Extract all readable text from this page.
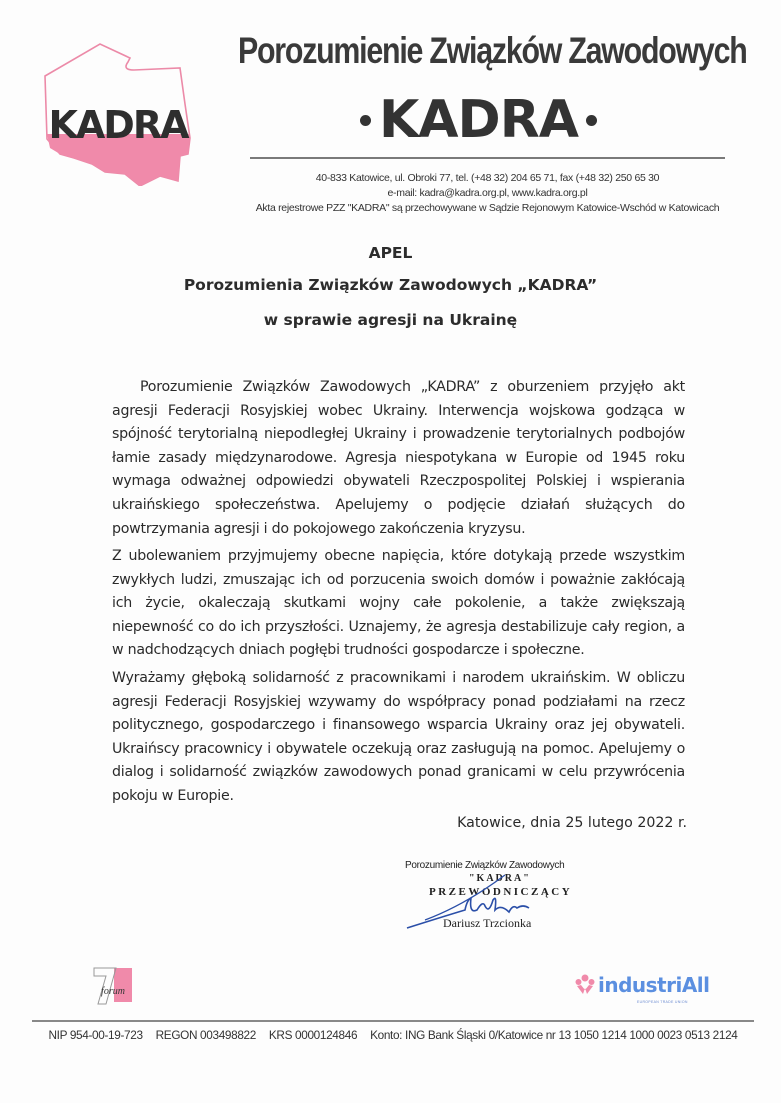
KADRA
Porozumienie Związków Zawodowych
KADRA
40-833 Katowice, ul. Obroki 77, tel. (+48 32) 204 65 71, fax (+48 32) 250 65 30
e-mail: kadra@kadra.org.pl, www.kadra.org.pl
Akta rejestrowe PZZ "KADRA" są przechowywane w Sądzie Rejonowym Katowice-Wschód w Katowicach
APEL
Porozumienia Związków Zawodowych „KADRA”
w sprawie agresji na Ukrainę
Porozumienie Związków Zawodowych „KADRA” z oburzeniem przyjęło akt agresji Federacji Rosyjskiej wobec Ukrainy. Interwencja wojskowa godząca w spójność terytorialną niepodległej Ukrainy i prowadzenie terytorialnych podbojów łamie zasady międzynarodowe. Agresja niespotykana w Europie od 1945 roku wymaga odważnej odpowiedzi obywateli Rzeczpospolitej Polskiej i wspierania ukraińskiego społeczeństwa. Apelujemy o podjęcie działań służących do powtrzymania agresji i do pokojowego zakończenia kryzysu.
Z ubolewaniem przyjmujemy obecne napięcia, które dotykają przede wszystkim zwykłych ludzi, zmuszając ich od porzucenia swoich domów i poważnie zakłócają ich życie, okaleczają skutkami wojny całe pokolenie, a także zwiększają niepewność co do ich przyszłości. Uznajemy, że agresja destabilizuje cały region, a w nadchodzących dniach pogłębi trudności gospodarcze i społeczne.
Wyrażamy głęboką solidarność z pracownikami i narodem ukraińskim. W obliczu agresji Federacji Rosyjskiej wzywamy do współpracy ponad podziałami na rzecz politycznego, gospodarczego i finansowego wsparcia Ukrainy oraz jej obywateli. Ukraińscy pracownicy i obywatele oczekują oraz zasługują na pomoc. Apelujemy o dialog i solidarność związków zawodowych ponad granicami w celu przywrócenia pokoju w Europie.
Katowice, dnia 25 lutego 2022 r.
Porozumienie Związków Zawodowych
"KADRA"
PRZEWODNICZĄCY
Dariusz Trzcionka
forum	industriAll
EUROPEAN TRADE UNION
NIP 954-00-19-723 REGON 003498822 KRS 0000124846 Konto: ING Bank Śląski 0/Katowice nr 13 1050 1214 1000 0023 0513 2124
